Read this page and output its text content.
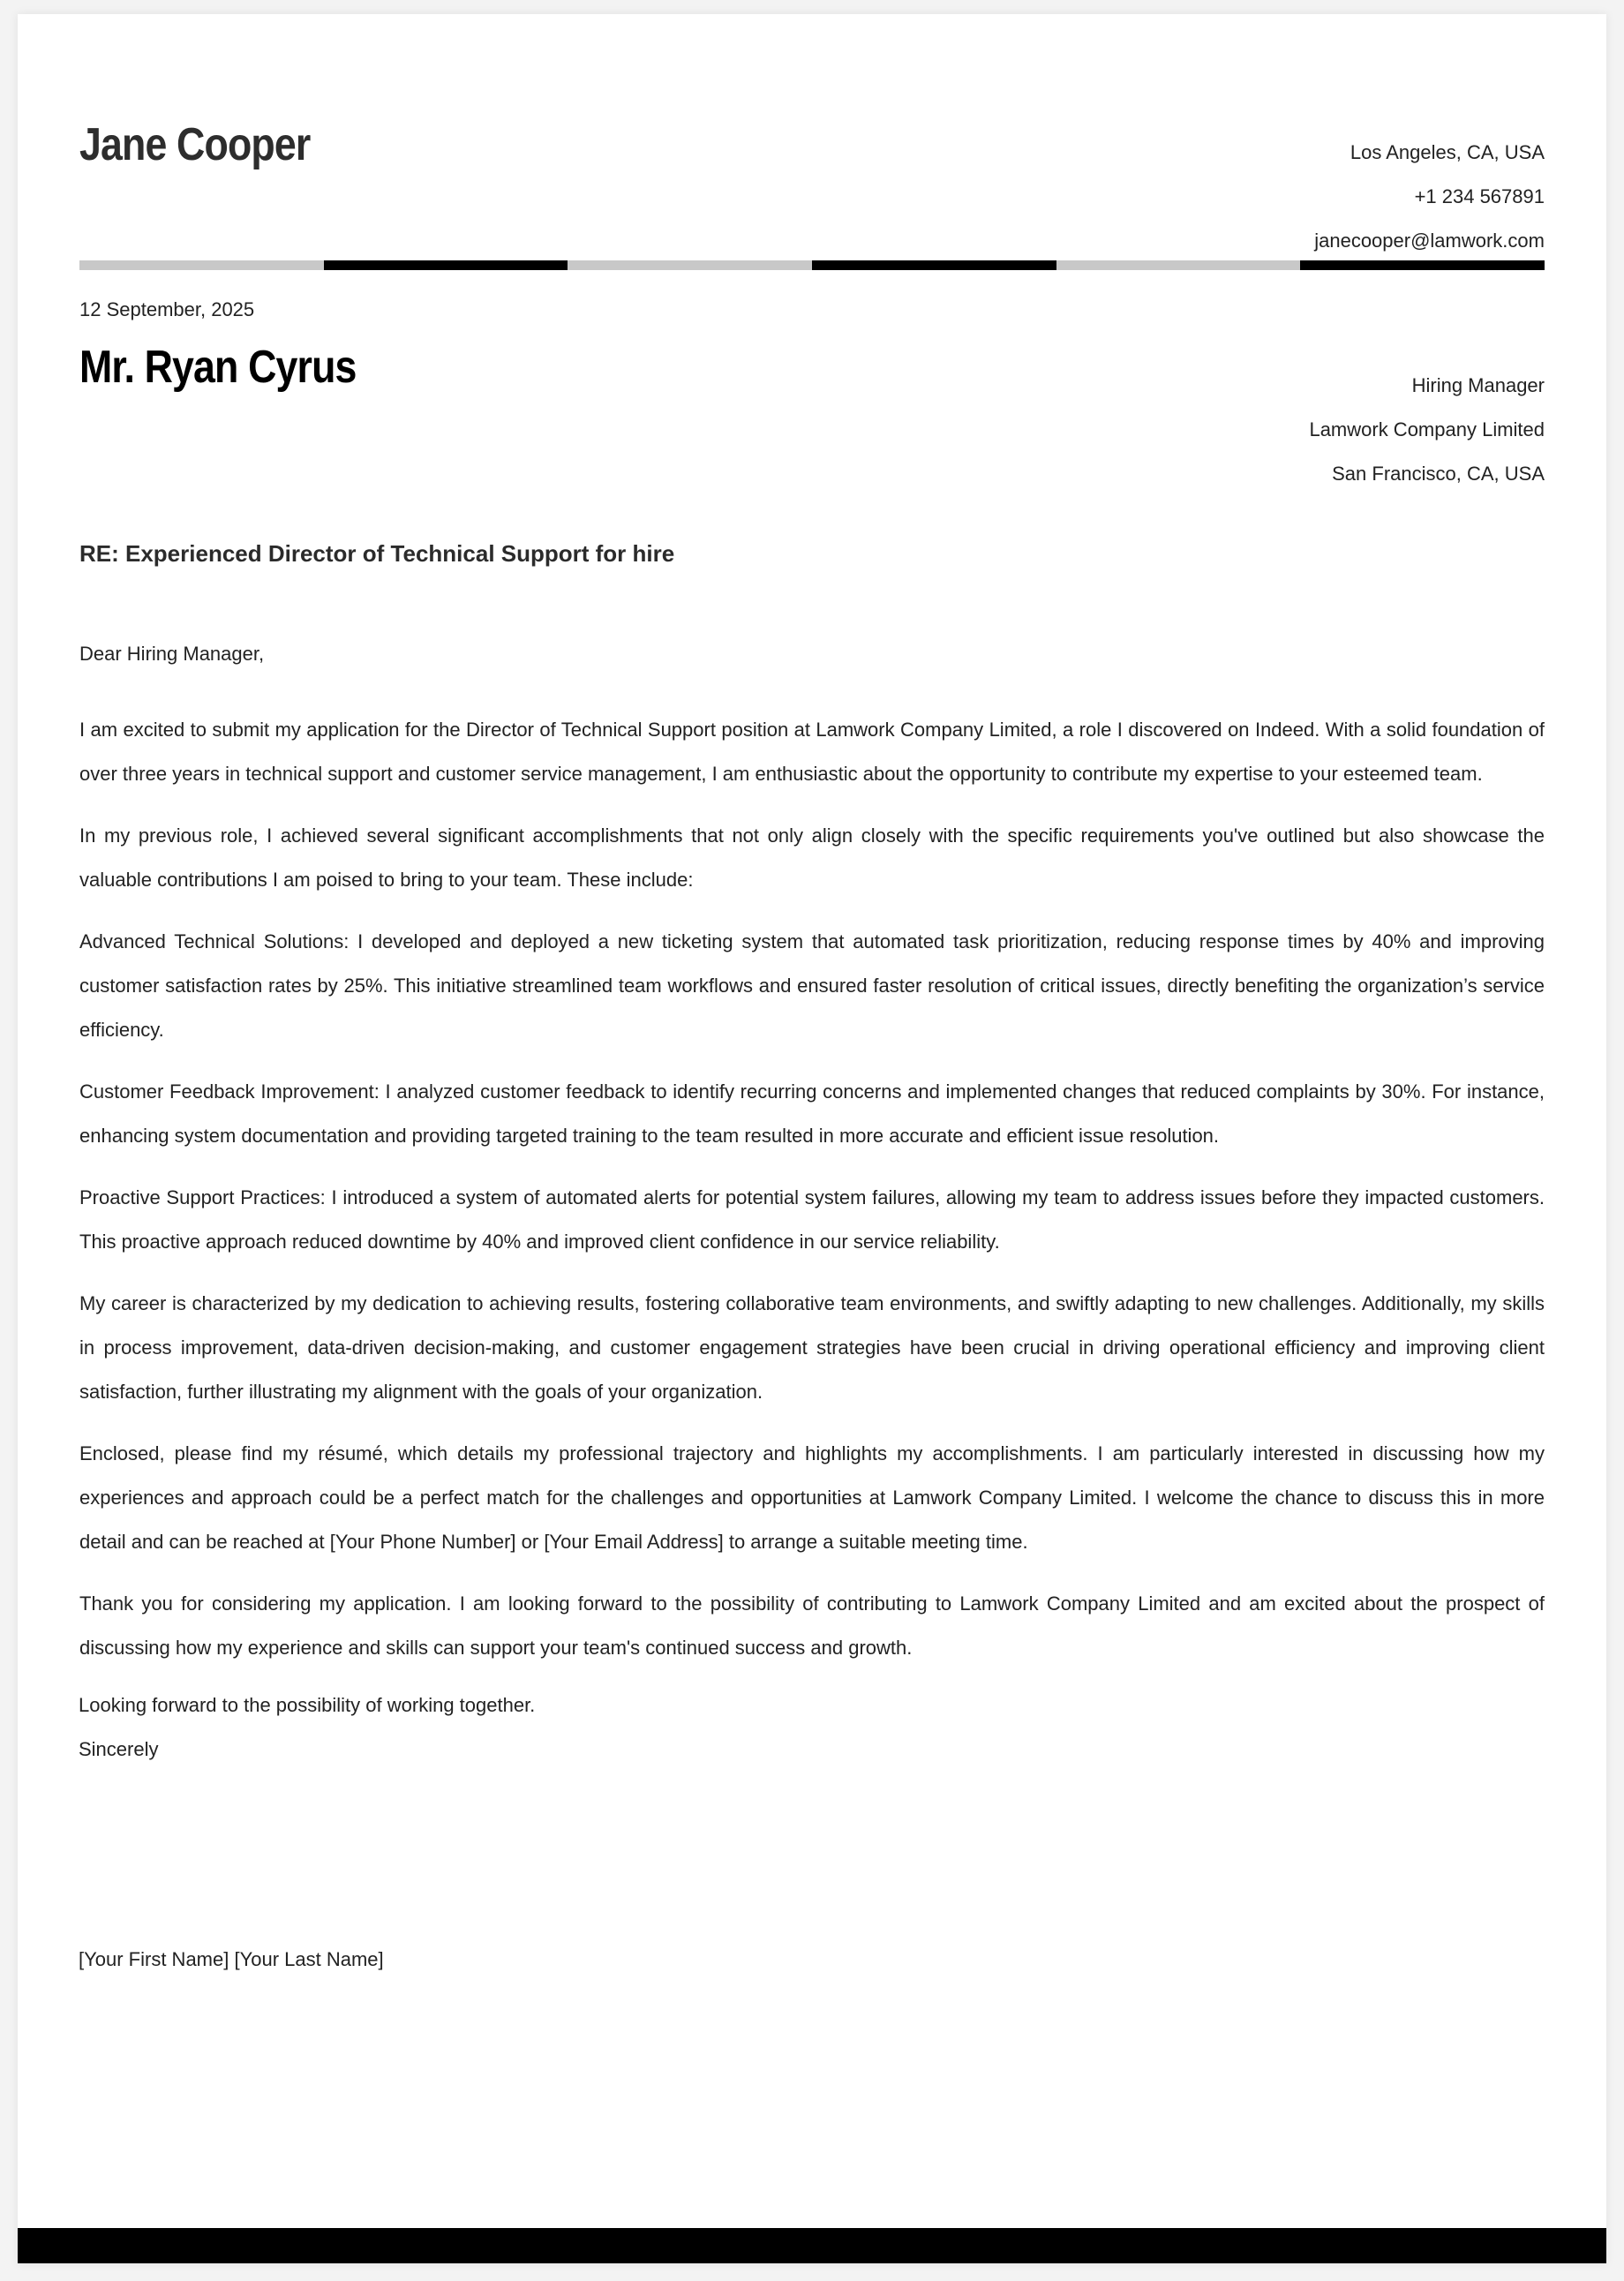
Jane Cooper	Los Angeles, CA, USA
+1 234 567891
janecooper@lamwork.com
12 September, 2025
Mr. Ryan Cyrus	Hiring Manager
Lamwork Company Limited
San Francisco, CA, USA
RE: Experienced Director of Technical Support for hire
Dear Hiring Manager,

I am excited to submit my application for the Director of Technical Support position at Lamwork Company Limited, a role I discovered on Indeed. With a solid foundation of over three years in technical support and customer service management, I am enthusiastic about the opportunity to contribute my expertise to your esteemed team.

In my previous role, I achieved several significant accomplishments that not only align closely with the specific requirements you've outlined but also showcase the valuable contributions I am poised to bring to your team. These include:

Advanced Technical Solutions: I developed and deployed a new ticketing system that automated task prioritization, reducing response times by 40% and improving customer satisfaction rates by 25%. This initiative streamlined team workflows and ensured faster resolution of critical issues, directly benefiting the organization’s service efficiency.

Customer Feedback Improvement: I analyzed customer feedback to identify recurring concerns and implemented changes that reduced complaints by 30%. For instance, enhancing system documentation and providing targeted training to the team resulted in more accurate and efficient issue resolution.

Proactive Support Practices: I introduced a system of automated alerts for potential system failures, allowing my team to address issues before they impacted customers. This proactive approach reduced downtime by 40% and improved client confidence in our service reliability.

My career is characterized by my dedication to achieving results, fostering collaborative team environments, and swiftly adapting to new challenges. Additionally, my skills in process improvement, data-driven decision-making, and customer engagement strategies have been crucial in driving operational efficiency and improving client satisfaction, further illustrating my alignment with the goals of your organization.

Enclosed, please find my résumé, which details my professional trajectory and highlights my accomplishments. I am particularly interested in discussing how my experiences and approach could be a perfect match for the challenges and opportunities at Lamwork Company Limited. I welcome the chance to discuss this in more detail and can be reached at [Your Phone Number] or [Your Email Address] to arrange a suitable meeting time.

Thank you for considering my application. I am looking forward to the possibility of contributing to Lamwork Company Limited and am excited about the prospect of discussing how my experience and skills can support your team's continued success and growth.

Looking forward to the possibility of working together.
Sincerely
[Your First Name] [Your Last Name]
